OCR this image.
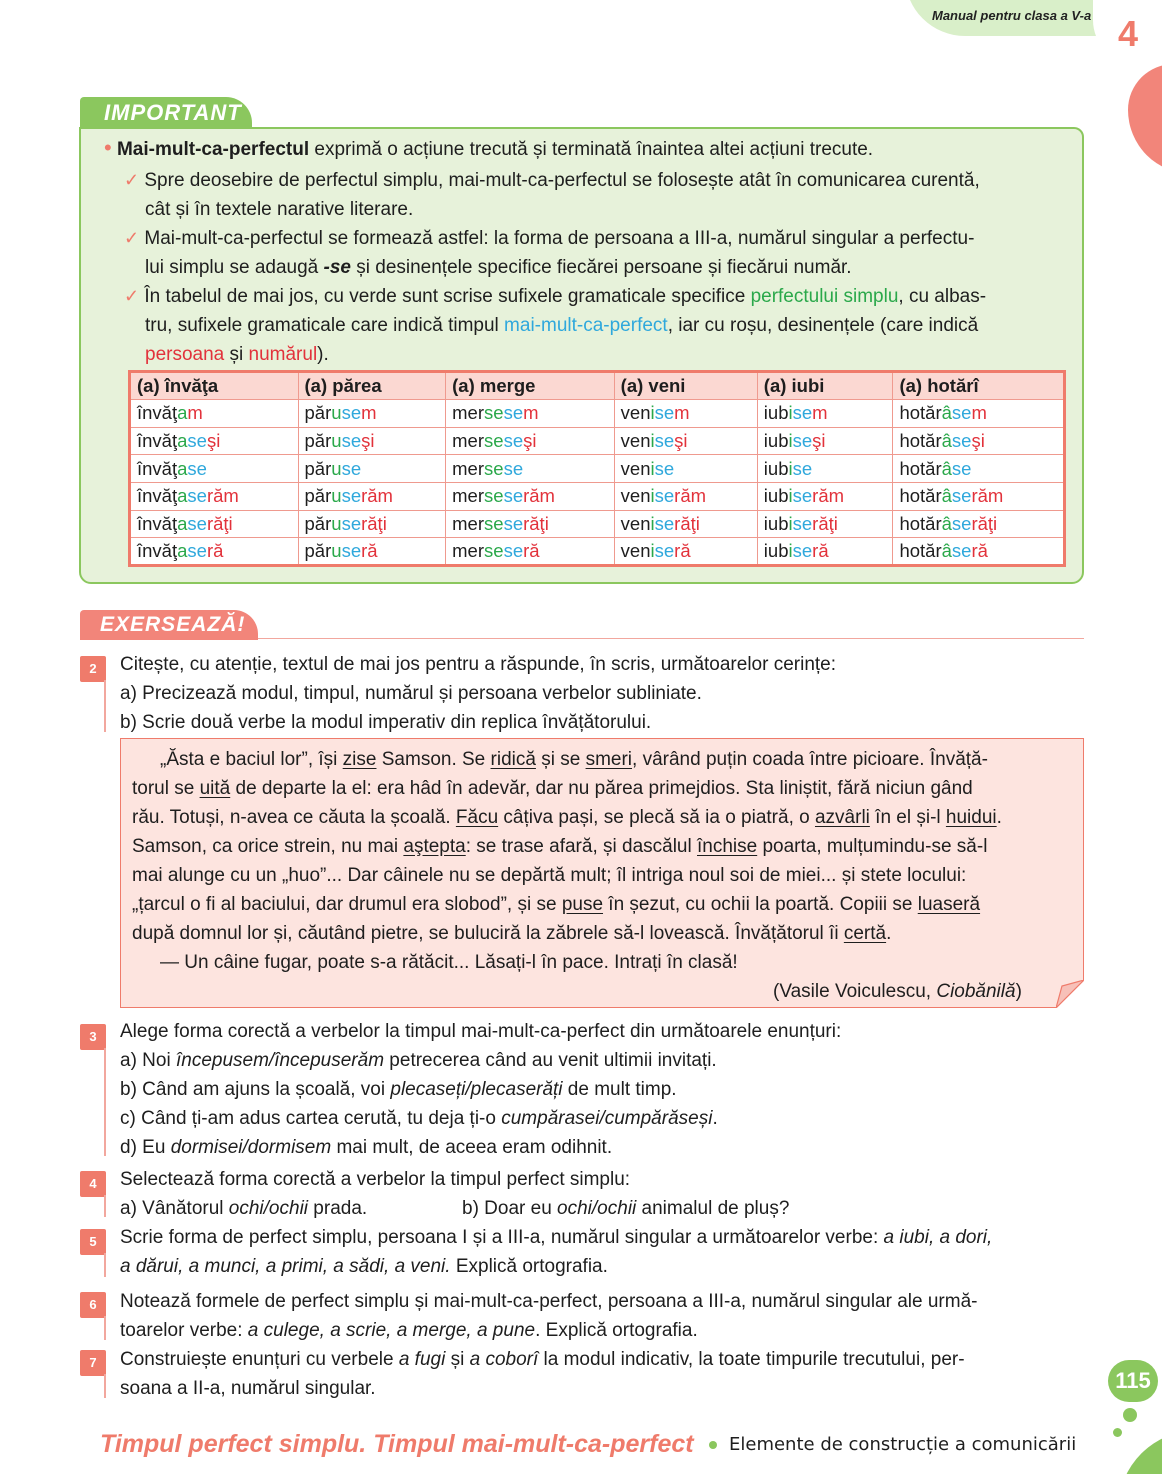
Manual pentru clasa a V-a 4
IMPORTANT
• Mai-mult-ca-perfectul exprimă o acțiune trecută și terminată înaintea altei acțiuni trecute.
✓ Spre deosebire de perfectul simplu, mai-mult-ca-perfectul se folosește atât în comunicarea curentă,
cât și în textele narative literare.
✓ Mai-mult-ca-perfectul se formează astfel: la forma de persoana a III-a, numărul singular a perfectu-
lui simplu se adaugă -se și desinențele specifice fiecărei persoane și fiecărui număr.
✓ În tabelul de mai jos, cu verde sunt scrise sufixele gramaticale specifice perfectului simplu, cu albas-
tru, sufixele gramaticale care indică timpul mai-mult-ca-perfect, iar cu roșu, desinențele (care indică
persoana și numărul).
(a) învăţa	(a) părea	(a) merge	(a) veni	(a) iubi	(a) hotărî
învăţam	părusem	mersesem	venisem	iubisem	hotărâsem
învăţaseşi	păruseşi	merseseşi	veniseşi	iubiseşi	hotărâseşi
învăţase	păruse	mersese	venise	iubise	hotărâse
învăţaserăm	păruserăm	merseserăm	veniserăm	iubiserăm	hotărâserăm
învăţaserăţi	păruserăţi	merseserăţi	veniserăţi	iubiserăţi	hotărâserăţi
învăţaseră	păruseră	merseseră	veniseră	iubiseră	hotărâseră
EXERSEAZĂ!
2	Citește, cu atenție, textul de mai jos pentru a răspunde, în scris, următoarelor cerințe:
a) Precizează modul, timpul, numărul și persoana verbelor subliniate.
b) Scrie două verbe la modul imperativ din replica învățătorului.
„Ăsta e baciul lor”, își zise Samson. Se ridică și se smeri, vârând puțin coada între picioare. Învăță-
torul se uită de departe la el: era hâd în adevăr, dar nu părea primejdios. Sta liniștit, fără niciun gând
rău. Totuși, n-avea ce căuta la școală. Făcu câțiva pași, se plecă să ia o piatră, o azvârli în el și-l huidui.
Samson, ca orice strein, nu mai aştepta: se trase afară, și dascălul închise poarta, mulțumindu-se să-l
mai alunge cu un „huo”... Dar câinele nu se depărtă mult; îl intriga noul soi de miei... și stete locului:
„țarcul o fi al baciului, dar drumul era slobod”, și se puse în șezut, cu ochii la poartă. Copiii se luaseră
după domnul lor și, căutând pietre, se buluciră la zăbrele să-l lovească. Învățătorul îi certă.
— Un câine fugar, poate s-a rătăcit... Lăsați-l în pace. Intrați în clasă!
(Vasile Voiculescu, Ciobănilă)
3	Alege forma corectă a verbelor la timpul mai-mult-ca-perfect din următoarele enunțuri:
a) Noi începusem/începuserăm petrecerea când au venit ultimii invitați.
b) Când am ajuns la școală, voi plecaseți/plecaserăți de mult timp.
c) Când ți-am adus cartea cerută, tu deja ți-o cumpărasei/cumpărăseși.
d) Eu dormisei/dormisem mai mult, de aceea eram odihnit.
4	Selectează forma corectă a verbelor la timpul perfect simplu:
a) Vânătorul ochi/ochii prada.	b) Doar eu ochi/ochii animalul de pluș?
5	Scrie forma de perfect simplu, persoana I și a III-a, numărul singular a următoarelor verbe: a iubi, a dori,
a dărui, a munci, a primi, a sădi, a veni. Explică ortografia.
6	Notează formele de perfect simplu și mai-mult-ca-perfect, persoana a III-a, numărul singular ale urmă-
toarelor verbe: a culege, a scrie, a merge, a pune. Explică ortografia.
7	Construiește enunțuri cu verbele a fugi și a coborî la modul indicativ, la toate timpurile trecutului, per-
soana a II-a, numărul singular.	115
Timpul perfect simplu. Timpul mai-mult-ca-perfect Elemente de construcție a comunicării
